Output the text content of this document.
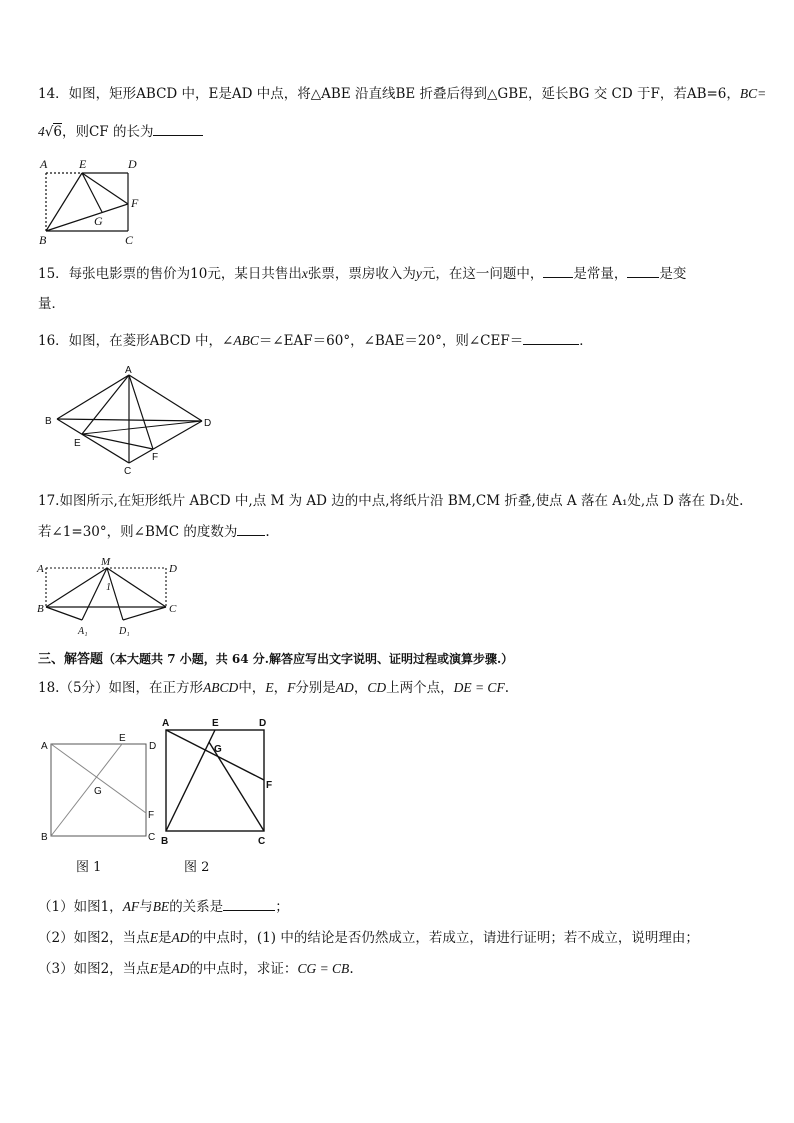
14．如图，矩形ABCD 中，E是AD 中点，将△ABE 沿直线BE 折叠后得到△GBE，延长BG 交 CD 于F，若AB=6，BC=
4√6，则CF 的长为
A	E	D
F
G
B	C
15．每张电影票的售价为10元，某日共售出x张票，票房收入为y元，在这一问题中， 是常量， 是变
量．
16．如图，在菱形ABCD 中，∠ABC＝∠EAF＝60°，∠BAE＝20°，则∠CEF＝	．
A
B	D
E
F
C
17.如图所示,在矩形纸片 ABCD 中,点 M 为 AD 边的中点,将纸片沿 BM,CM 折叠,使点 A 落在 A₁处,点 D 落在 D₁处.
若∠1=30°，则∠BMC 的度数为 .
A
M
D
1
B	C
A₁	D₁
三、解答题（本大题共 7 小题，共 64 分.解答应写出文字说明、证明过程或演算步骤.）
18.（5分）如图，在正方形ABCD中，E，F分别是AD，CD上两个点，DE = CF.
A
E
D
G
F
B	C
图 1
A	E	D
G
F
B	C
图 2
（1）如图1，AF与BE的关系是	；
（2）如图2，当点E是AD的中点时，(1) 中的结论是否仍然成立，若成立，请进行证明；若不成立，说明理由；
（3）如图2，当点E是AD的中点时，求证：CG = CB.
